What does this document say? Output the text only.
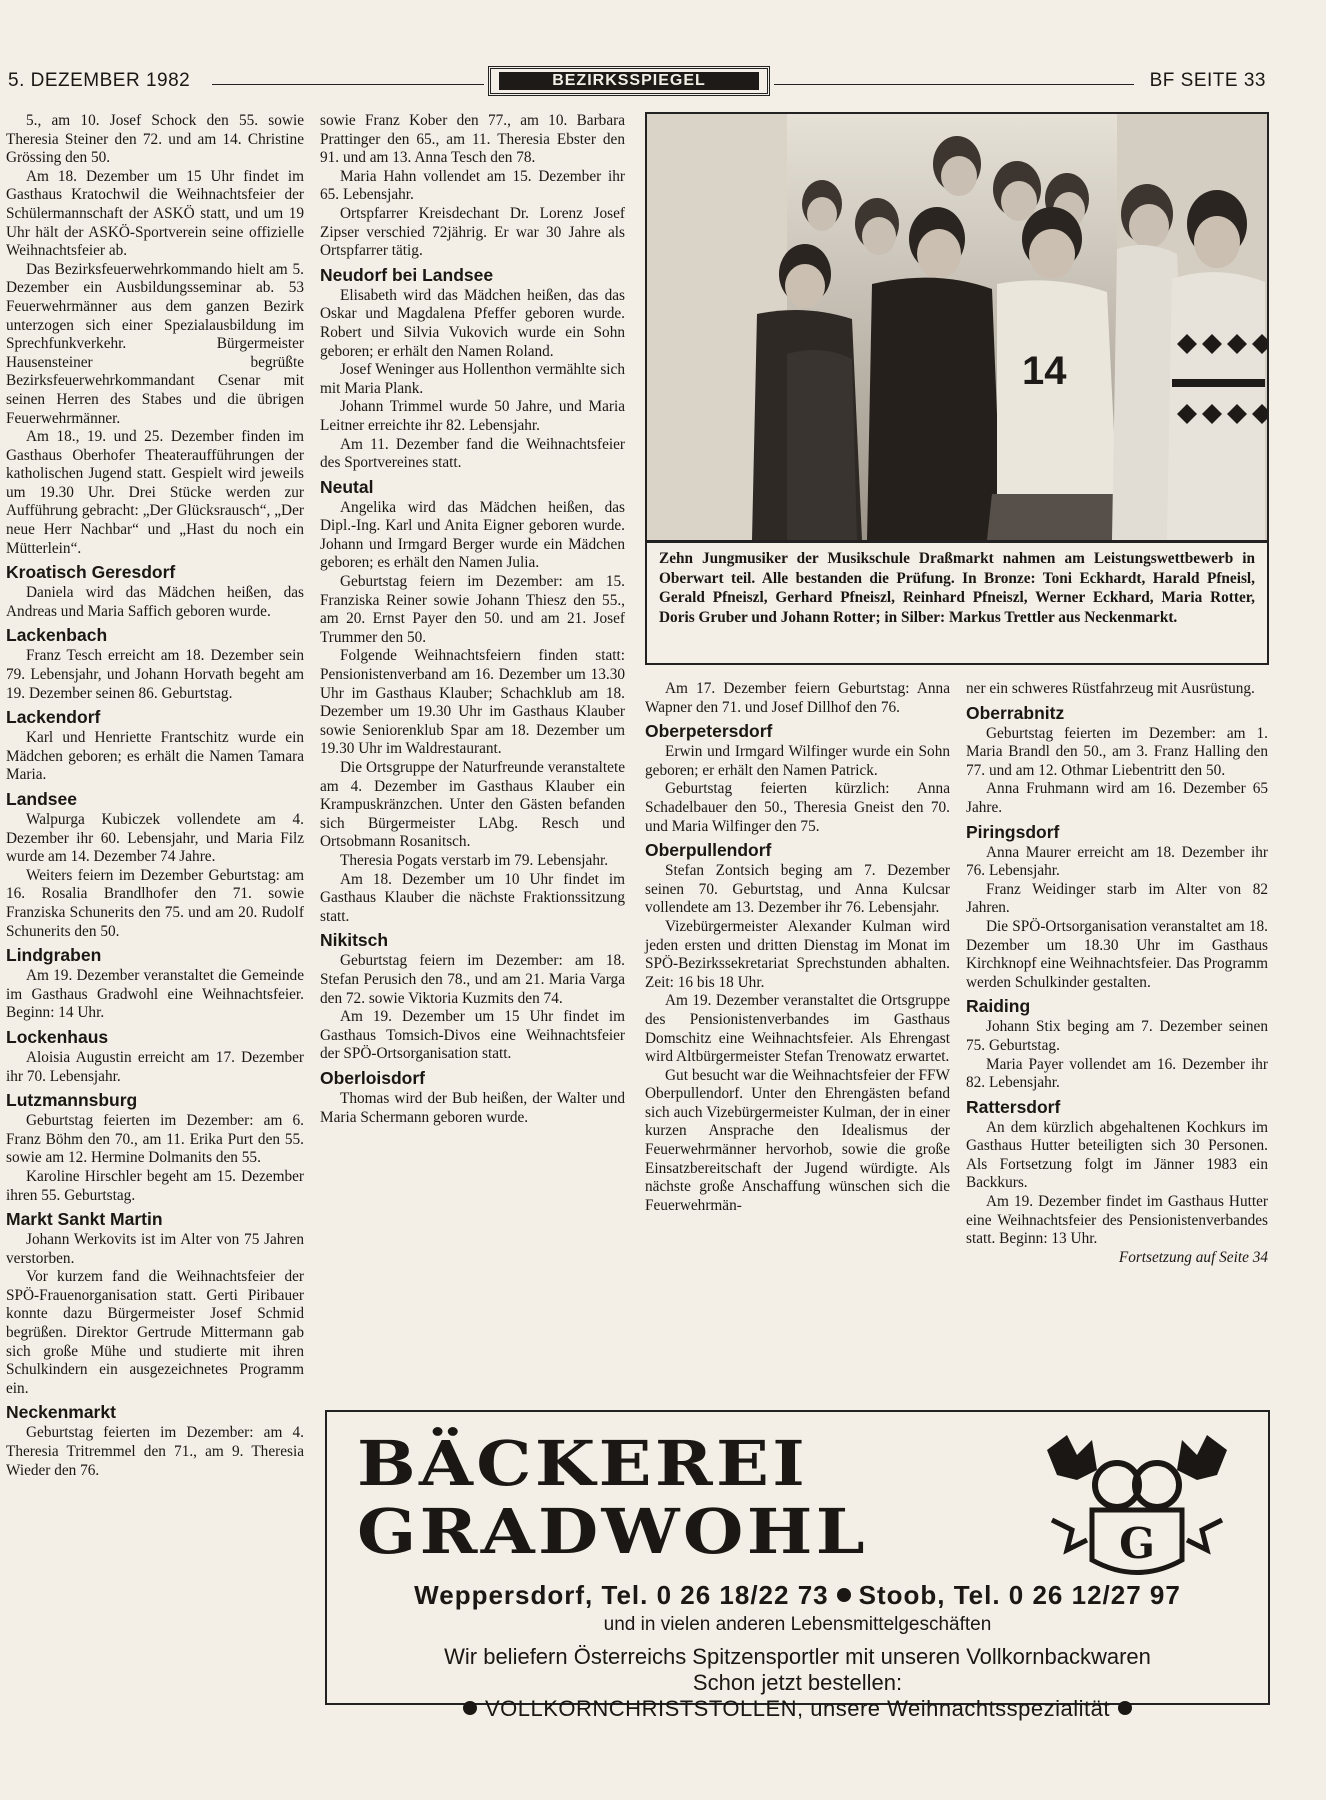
5. DEZEMBER 1982	BEZIRKSSPIEGEL	BF SEITE 33

5., am 10. Josef Schock den 55. sowie Theresia Steiner den 72. und am 14. Christine Grössing den 50.

Am 18. Dezember um 15 Uhr findet im Gasthaus Kratochwil die Weihnachtsfeier der Schülermannschaft der ASKÖ statt, und um 19 Uhr hält der ASKÖ-Sportverein seine offizielle Weihnachtsfeier ab.

Das Bezirksfeuerwehrkommando hielt am 5. Dezember ein Ausbildungsseminar ab. 53 Feuerwehrmänner aus dem ganzen Bezirk unterzogen sich einer Spezialausbildung im Sprechfunkverkehr. Bürgermeister Hausensteiner begrüßte Bezirksfeuerwehrkommandant Csenar mit seinen Herren des Stabes und die übrigen Feuerwehrmänner.

Am 18., 19. und 25. Dezember finden im Gasthaus Oberhofer Theateraufführungen der katholischen Jugend statt. Gespielt wird jeweils um 19.30 Uhr. Drei Stücke werden zur Aufführung gebracht: „Der Glücksrausch“, „Der neue Herr Nachbar“ und „Hast du noch ein Mütterlein“.

Kroatisch Geresdorf

Daniela wird das Mädchen heißen, das Andreas und Maria Saffich geboren wurde.

Lackenbach

Franz Tesch erreicht am 18. Dezember sein 79. Lebensjahr, und Johann Horvath begeht am 19. Dezember seinen 86. Geburtstag.

Lackendorf

Karl und Henriette Frantschitz wurde ein Mädchen geboren; es erhält die Namen Tamara Maria.

Landsee

Walpurga Kubiczek vollendete am 4. Dezember ihr 60. Lebensjahr, und Maria Filz wurde am 14. Dezember 74 Jahre.

Weiters feiern im Dezember Geburtstag: am 16. Rosalia Brandlhofer den 71. sowie Franziska Schunerits den 75. und am 20. Rudolf Schunerits den 50.

Lindgraben

Am 19. Dezember veranstaltet die Gemeinde im Gasthaus Gradwohl eine Weihnachtsfeier. Beginn: 14 Uhr.

Lockenhaus

Aloisia Augustin erreicht am 17. Dezember ihr 70. Lebensjahr.

Lutzmannsburg

Geburtstag feierten im Dezember: am 6. Franz Böhm den 70., am 11. Erika Purt den 55. sowie am 12. Hermine Dolmanits den 55.

Karoline Hirschler begeht am 15. Dezember ihren 55. Geburtstag.

Markt Sankt Martin

Johann Werkovits ist im Alter von 75 Jahren verstorben.

Vor kurzem fand die Weihnachtsfeier der SPÖ-Frauenorganisation statt. Gerti Piribauer konnte dazu Bürgermeister Josef Schmid begrüßen. Direktor Gertrude Mittermann gab sich große Mühe und studierte mit ihren Schulkindern ein ausgezeichnetes Programm ein.

Neckenmarkt

Geburtstag feierten im Dezember: am 4. Theresia Tritremmel den 71., am 9. Theresia Wieder den 76.

sowie Franz Kober den 77., am 10. Barbara Prattinger den 65., am 11. Theresia Ebster den 91. und am 13. Anna Tesch den 78.

Maria Hahn vollendet am 15. Dezember ihr 65. Lebensjahr.

Ortspfarrer Kreisdechant Dr. Lorenz Josef Zipser verschied 72jährig. Er war 30 Jahre als Ortspfarrer tätig.

Neudorf bei Landsee

Elisabeth wird das Mädchen heißen, das das Oskar und Magdalena Pfeffer geboren wurde. Robert und Silvia Vukovich wurde ein Sohn geboren; er erhält den Namen Roland.

Josef Weninger aus Hollenthon vermählte sich mit Maria Plank.

Johann Trimmel wurde 50 Jahre, und Maria Leitner erreichte ihr 82. Lebensjahr.

Am 11. Dezember fand die Weihnachtsfeier des Sportvereines statt.

Neutal

Angelika wird das Mädchen heißen, das Dipl.-Ing. Karl und Anita Eigner geboren wurde. Johann und Irmgard Berger wurde ein Mädchen geboren; es erhält den Namen Julia.

Geburtstag feiern im Dezember: am 15. Franziska Reiner sowie Johann Thiesz den 55., am 20. Ernst Payer den 50. und am 21. Josef Trummer den 50.

Folgende Weihnachtsfeiern finden statt: Pensionistenverband am 16. Dezember um 13.30 Uhr im Gasthaus Klauber; Schachklub am 18. Dezember um 19.30 Uhr im Gasthaus Klauber sowie Seniorenklub Spar am 18. Dezember um 19.30 Uhr im Waldrestaurant.

Die Ortsgruppe der Naturfreunde veranstaltete am 4. Dezember im Gasthaus Klauber ein Krampuskränzchen. Unter den Gästen befanden sich Bürgermeister LAbg. Resch und Ortsobmann Rosanitsch.

Theresia Pogats verstarb im 79. Lebensjahr.

Am 18. Dezember um 10 Uhr findet im Gasthaus Klauber die nächste Fraktionssitzung statt.

Nikitsch

Geburtstag feiern im Dezember: am 18. Stefan Perusich den 78., und am 21. Maria Varga den 72. sowie Viktoria Kuzmits den 74.

Am 19. Dezember um 15 Uhr findet im Gasthaus Tomsich-Divos eine Weihnachtsfeier der SPÖ-Ortsorganisation statt.

Oberloisdorf

Thomas wird der Bub heißen, der Walter und Maria Schermann geboren wurde.

Am 17. Dezember feiern Geburtstag: Anna Wapner den 71. und Josef Dillhof den 76.

Oberpetersdorf

Erwin und Irmgard Wilfinger wurde ein Sohn geboren; er erhält den Namen Patrick.

Geburtstag feierten kürzlich: Anna Schadelbauer den 50., Theresia Gneist den 70. und Maria Wilfinger den 75.

Oberpullendorf

Stefan Zontsich beging am 7. Dezember seinen 70. Geburtstag, und Anna Kulcsar vollendete am 13. Dezember ihr 76. Lebensjahr.

Vizebürgermeister Alexander Kulman wird jeden ersten und dritten Dienstag im Monat im SPÖ-Bezirkssekretariat Sprechstunden abhalten. Zeit: 16 bis 18 Uhr.

Am 19. Dezember veranstaltet die Ortsgruppe des Pensionistenverbandes im Gasthaus Domschitz eine Weihnachtsfeier. Als Ehrengast wird Altbürgermeister Stefan Trenowatz erwartet.

Gut besucht war die Weihnachtsfeier der FFW Oberpullendorf. Unter den Ehrengästen befand sich auch Vizebürgermeister Kulman, der in einer kurzen Ansprache den Idealismus der Feuerwehrmänner hervorhob, sowie die große Einsatzbereitschaft der Jugend würdigte. Als nächste große Anschaffung wünschen sich die Feuerwehrmän-

ner ein schweres Rüstfahrzeug mit Ausrüstung.

Oberrabnitz

Geburtstag feierten im Dezember: am 1. Maria Brandl den 50., am 3. Franz Halling den 77. und am 12. Othmar Liebentritt den 50.

Anna Fruhmann wird am 16. Dezember 65 Jahre.

Piringsdorf

Anna Maurer erreicht am 18. Dezember ihr 76. Lebensjahr.

Franz Weidinger starb im Alter von 82 Jahren.

Die SPÖ-Ortsorganisation veranstaltet am 18. Dezember um 18.30 Uhr im Gasthaus Kirchknopf eine Weihnachtsfeier. Das Programm werden Schulkinder gestalten.

Raiding

Johann Stix beging am 7. Dezember seinen 75. Geburtstag.

Maria Payer vollendet am 16. Dezember ihr 82. Lebensjahr.

Rattersdorf

An dem kürzlich abgehaltenen Kochkurs im Gasthaus Hutter beteiligten sich 30 Personen. Als Fortsetzung folgt im Jänner 1983 ein Backkurs.

Am 19. Dezember findet im Gasthaus Hutter eine Weihnachtsfeier des Pensionistenverbandes statt. Beginn: 13 Uhr.

Fortsetzung auf Seite 34

14
Zehn Jungmusiker der Musikschule Draßmarkt nahmen am Leistungswettbewerb in Oberwart teil. Alle bestanden die Prüfung. In Bronze: Toni Eckhardt, Harald Pfneisl, Gerald Pfneiszl, Gerhard Pfneiszl, Reinhard Pfneiszl, Werner Eckhard, Maria Rotter, Doris Gruber und Johann Rotter; in Silber: Markus Trettler aus Neckenmarkt.
BÄCKEREI
GRADWOHL	G
Weppersdorf, Tel. 0 26 18/22 73 Stoob, Tel. 0 26 12/27 97
und in vielen anderen Lebensmittelgeschäften
Wir beliefern Österreichs Spitzensportler mit unseren Vollkornbackwaren
Schon jetzt bestellen:
VOLLKORNCHRISTSTOLLEN, unsere Weihnachtsspezialität
